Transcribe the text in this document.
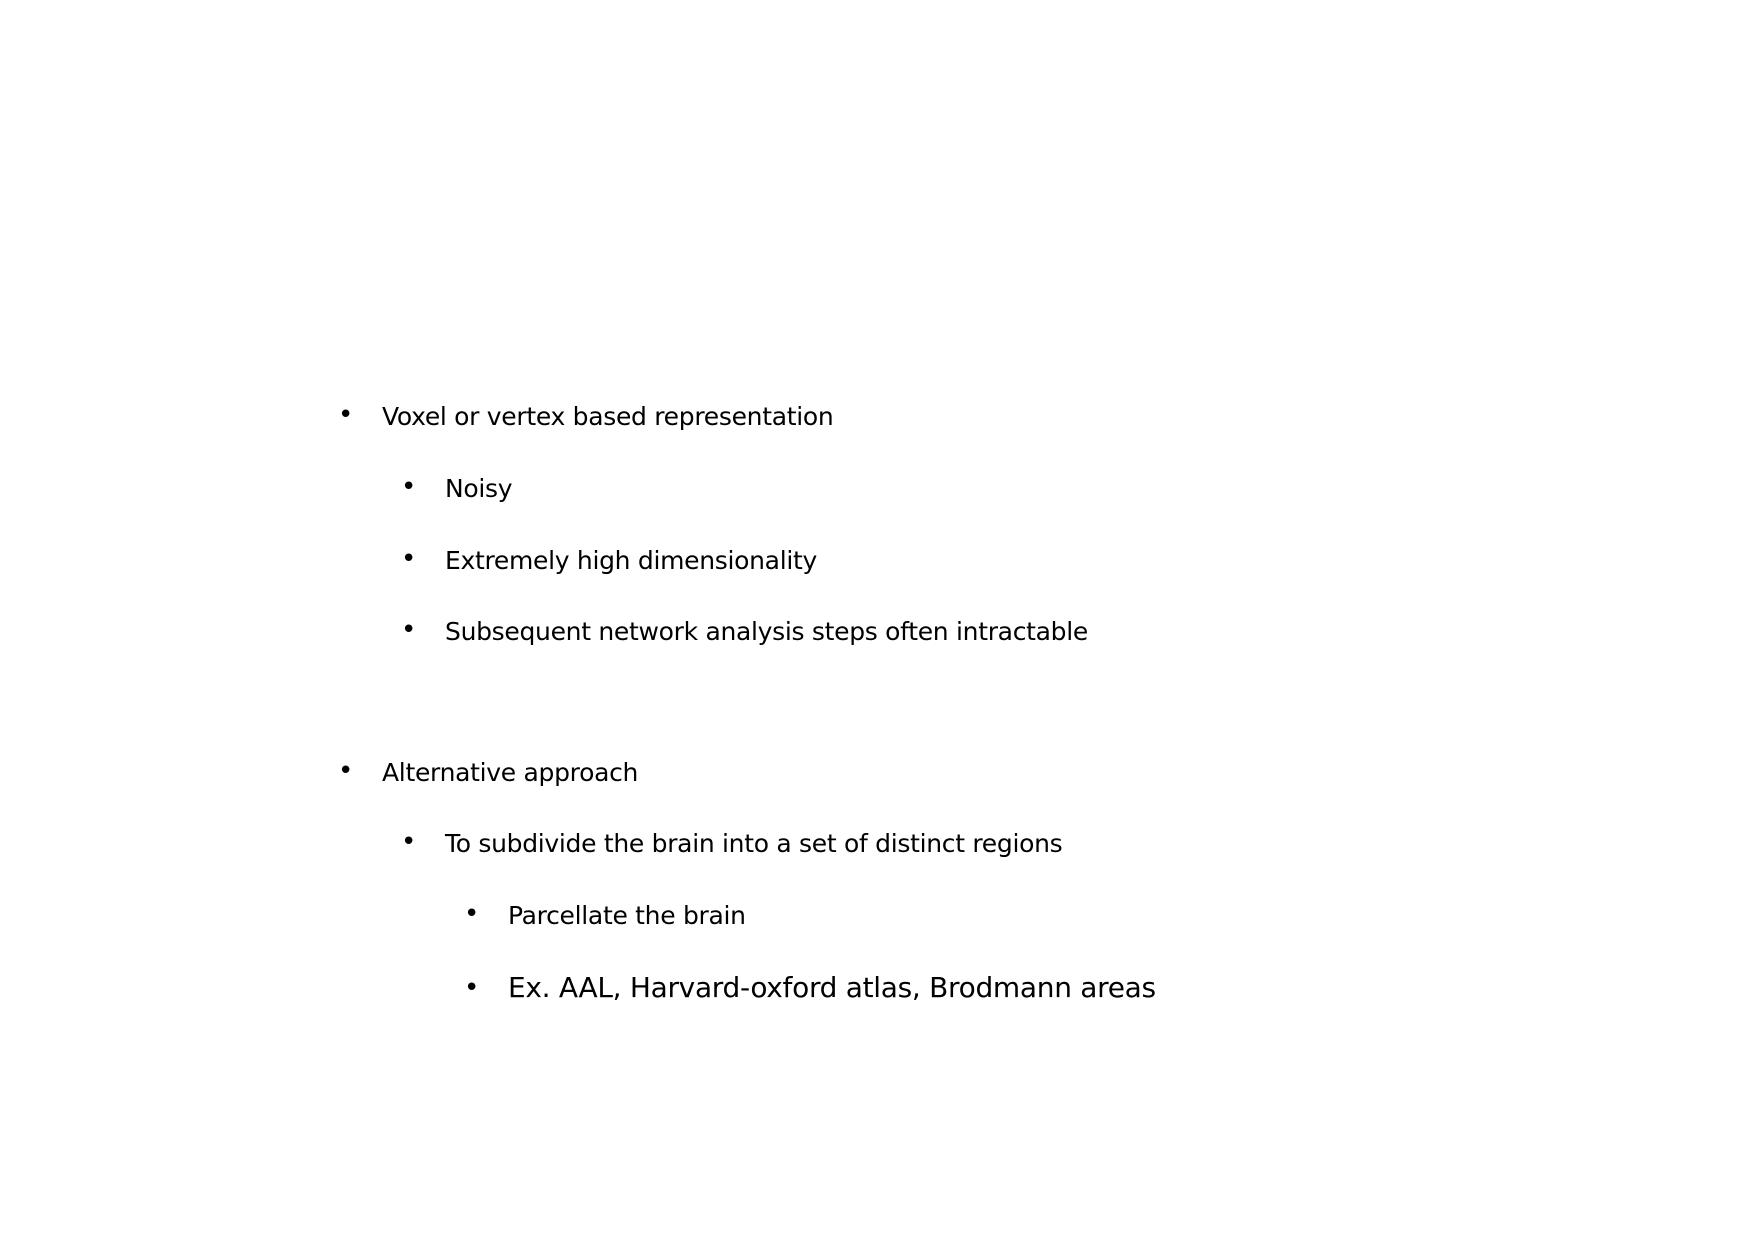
• Voxel or vertex based representation
• Noisy
• Extremely high dimensionality
• Subsequent network analysis steps often intractable
• Alternative approach
• To subdivide the brain into a set of distinct regions
• Parcellate the brain
• Ex. AAL, Harvard-oxford atlas, Brodmann areas
